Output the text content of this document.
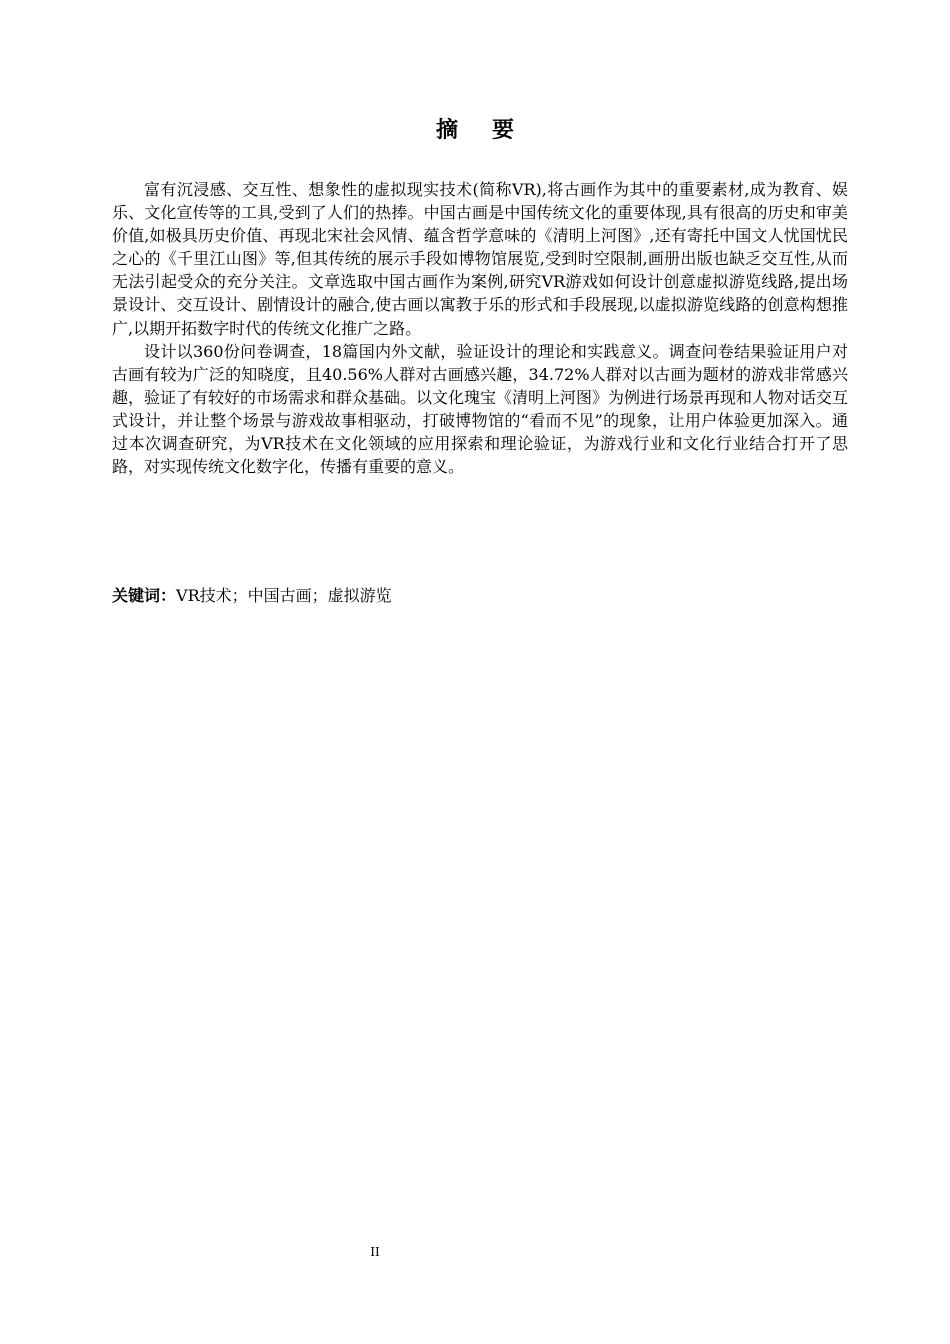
摘要

富有沉浸感、交互性、想象性的虚拟现实技术(简称VR),将古画作为其中的重要素材,成为教育、娱乐、文化宣传等的工具,受到了人们的热捧。中国古画是中国传统文化的重要体现,具有很高的历史和审美价值,如极具历史价值、再现北宋社会风情、蕴含哲学意味的《清明上河图》,还有寄托中国文人忧国忧民之心的《千里江山图》等,但其传统的展示手段如博物馆展览,受到时空限制,画册出版也缺乏交互性,从而无法引起受众的充分关注。文章选取中国古画作为案例,研究VR游戏如何设计创意虚拟游览线路,提出场景设计、交互设计、剧情设计的融合,使古画以寓教于乐的形式和手段展现,以虚拟游览线路的创意构想推广,以期开拓数字时代的传统文化推广之路。

设计以360份问卷调查，18篇国内外文献，验证设计的理论和实践意义。调查问卷结果验证用户对古画有较为广泛的知晓度，且40.56%人群对古画感兴趣，34.72%人群对以古画为题材的游戏非常感兴趣，验证了有较好的市场需求和群众基础。以文化瑰宝《清明上河图》为例进行场景再现和人物对话交互式设计，并让整个场景与游戏故事相驱动，打破博物馆的“看而不见”的现象，让用户体验更加深入。通过本次调查研究，为VR技术在文化领域的应用探索和理论验证，为游戏行业和文化行业结合打开了思路，对实现传统文化数字化，传播有重要的意义。

关键词：VR技术；中国古画；虚拟游览
II
